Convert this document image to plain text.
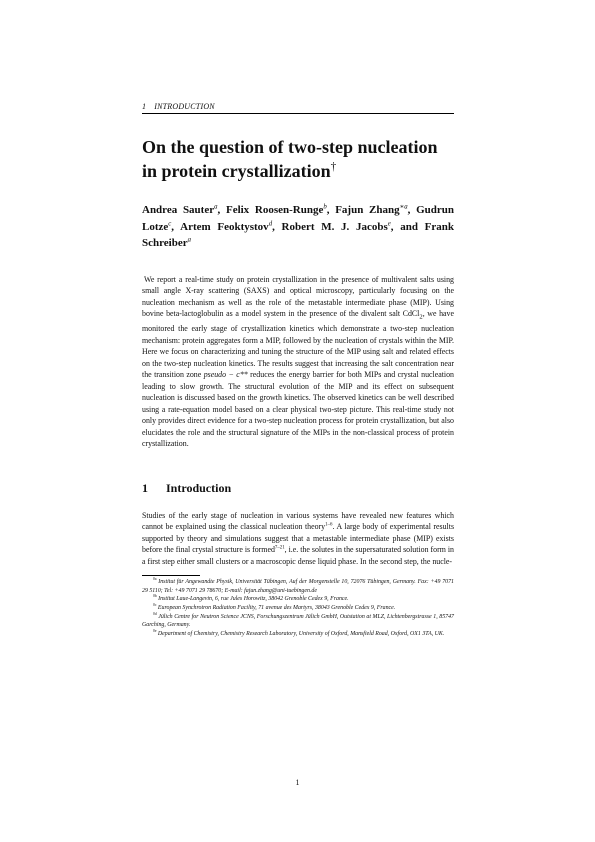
1 INTRODUCTION
On the question of two-step nucleation in protein crystallization†
Andrea Sauter$^a$, Felix Roosen-Runge$^b$, Fajun Zhang$^{∗a}$, Gudrun Lotze$^c$, Artem Feoktystov$^d$, Robert M. J. Jacobs$^e$, and Frank Schreiber$^a$

We report a real-time study on protein crystallization in the presence of multivalent salts using small angle X-ray scattering (SAXS) and optical microscopy, particularly focusing on the nucleation mechanism as well as the role of the metastable intermediate phase (MIP). Using bovine beta-lactoglobulin as a model system in the presence of the divalent salt CdCl$_2$, we have monitored the early stage of crystallization kinetics which demonstrate a two-step nucleation mechanism: protein aggregates form a MIP, followed by the nucleation of crystals within the MIP. Here we focus on characterizing and tuning the structure of the MIP using salt and related effects on the two-step nucleation kinetics. The results suggest that increasing the salt concentration near the transition zone pseudo − c** reduces the energy barrier for both MIPs and crystal nucleation leading to slow growth. The structural evolution of the MIP and its effect on subsequent nucleation is discussed based on the growth kinetics. The observed kinetics can be well described using a rate-equation model based on a clear physical two-step picture. This real-time study not only provides direct evidence for a two-step nucleation process for protein crystallization, but also elucidates the role and the structural signature of the MIPs in the non-classical process of protein crystallization.

1 Introduction

Studies of the early stage of nucleation in various systems have revealed new features which cannot be explained using the classical nucleation theory$^{1-6}$. A large body of experimental results supported by theory and simulations suggest that a metastable intermediate phase (MIP) exists before the final crystal structure is formed$^{7-21}$, i.e. the solutes in the supersaturated solution form in a first step either small clusters or a macroscopic dense liquid phase. In the second step, the nucle-

$^{0a}$ Institut für Angewandte Physik, Universität Tübingen, Auf der Morgenstelle 10, 72076 Tübingen, Germany. Fax: +49 7071 29 5110; Tel: +49 7071 29 78670; E-mail: fajun.zhang@uni-tuebingen.de
$^{0b}$ Institut Laue-Langevin, 6, rue Jules Horowitz, 38042 Grenoble Cedex 9, France.
$^{0c}$ European Synchrotron Radiation Facility, 71 avenue des Martyrs, 38043 Grenoble Cedex 9, France.
$^{0d}$ Jülich Centre for Neutron Science JCNS, Forschungszentrum Jülich GmbH, Outstation at MLZ, Lichtenbergstrasse 1, 85747 Garching, Germany.
$^{0e}$ Department of Chemistry, Chemistry Research Laboratory, University of Oxford, Mansfield Road, Oxford, OX1 3TA, UK.
1
